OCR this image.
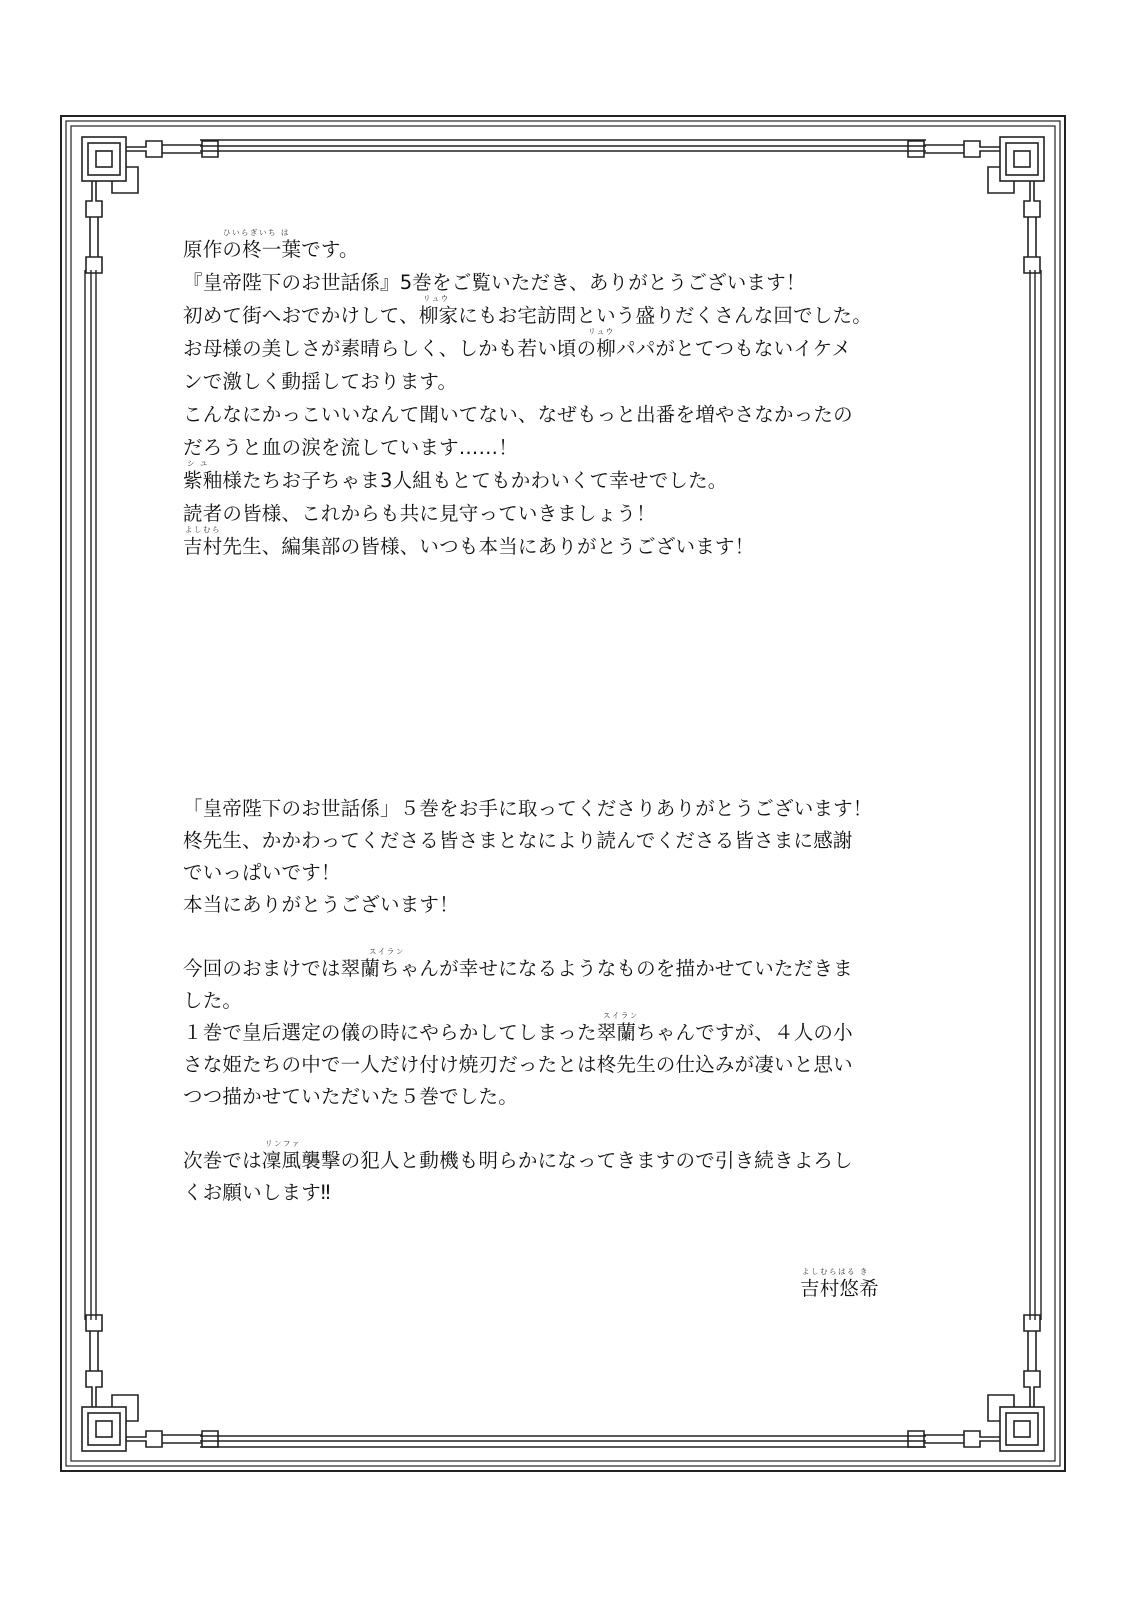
ひいらぎいち は
原作の柊一葉です。
『皇帝陛下のお世話係』5巻をご覧いただき、ありがとうございます！
リュウ
初めて街へおでかけして、柳家にもお宅訪問という盛りだくさんな回でした。
リュウ
お母様の美しさが素晴らしく、しかも若い頃の柳パパがとてつもないイケメ
ンで激しく動揺しております。
こんなにかっこいいなんて聞いてない、なぜもっと出番を増やさなかったの
だろうと血の涙を流しています……！
シ ユ
紫釉様たちお子ちゃま3人組もとてもかわいくて幸せでした。
読者の皆様、これからも共に見守っていきましょう！
よしむら
吉村先生、編集部の皆様、いつも本当にありがとうございます！
「皇帝陛下のお世話係」５巻をお手に取ってくださりありがとうございます！
柊先生、かかわってくださる皆さまとなにより読んでくださる皆さまに感謝
でいっぱいです！
本当にありがとうございます！
スイラン
今回のおまけでは翠蘭ちゃんが幸せになるようなものを描かせていただきま
した。
スイラン
１巻で皇后選定の儀の時にやらかしてしまった翠蘭ちゃんですが、４人の小
さな姫たちの中で一人だけ付け焼刃だったとは柊先生の仕込みが凄いと思い
つつ描かせていただいた５巻でした。
リンファ
次巻では凜風襲撃の犯人と動機も明らかになってきますので引き続きよろし
くお願いします‼
よしむらはる き
吉村悠希
